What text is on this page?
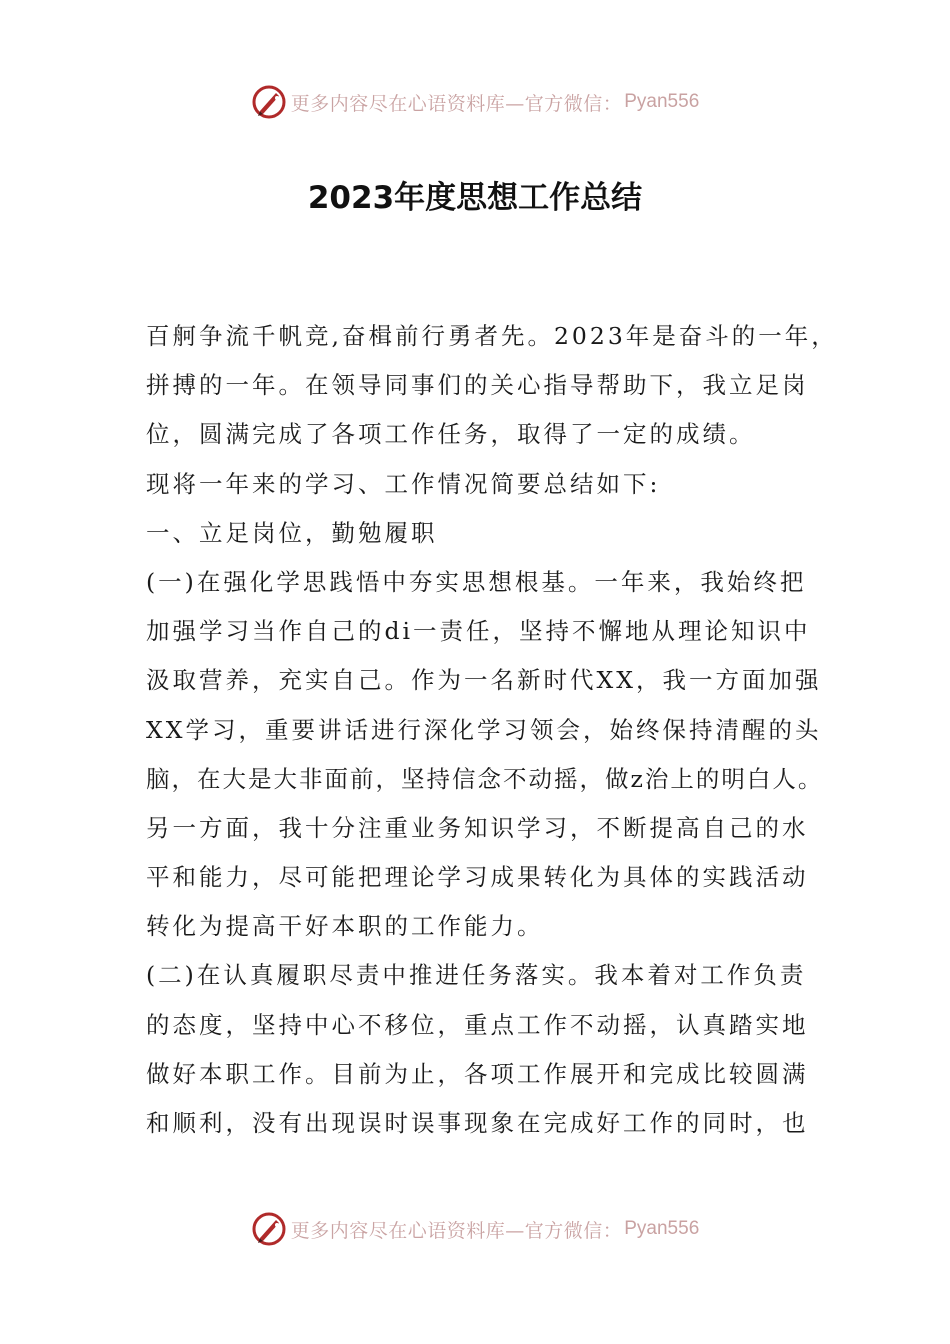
更多内容尽在心语资料库—官方微信： Pyan556
2023年度思想工作总结
百舸争流千帆竞,奋楫前行勇者先。2023年是奋斗的一年，
拼搏的一年。在领导同事们的关心指导帮助下，我立足岗
位，圆满完成了各项工作任务，取得了一定的成绩。
现将一年来的学习、工作情况简要总结如下:
一、立足岗位，勤勉履职
(一)在强化学思践悟中夯实思想根基。一年来，我始终把
加强学习当作自己的di一责任，坚持不懈地从理论知识中
汲取营养，充实自己。作为一名新时代XX，我一方面加强
XX学习，重要讲话进行深化学习领会，始终保持清醒的头
脑，在大是大非面前，坚持信念不动摇，做z治上的明白人。
另一方面，我十分注重业务知识学习，不断提高自己的水
平和能力，尽可能把理论学习成果转化为具体的实践活动
转化为提高干好本职的工作能力。
(二)在认真履职尽责中推进任务落实。我本着对工作负责
的态度，坚持中心不移位，重点工作不动摇，认真踏实地
做好本职工作。目前为止，各项工作展开和完成比较圆满
和顺利，没有出现误时误事现象在完成好工作的同时，也
更多内容尽在心语资料库—官方微信： Pyan556
